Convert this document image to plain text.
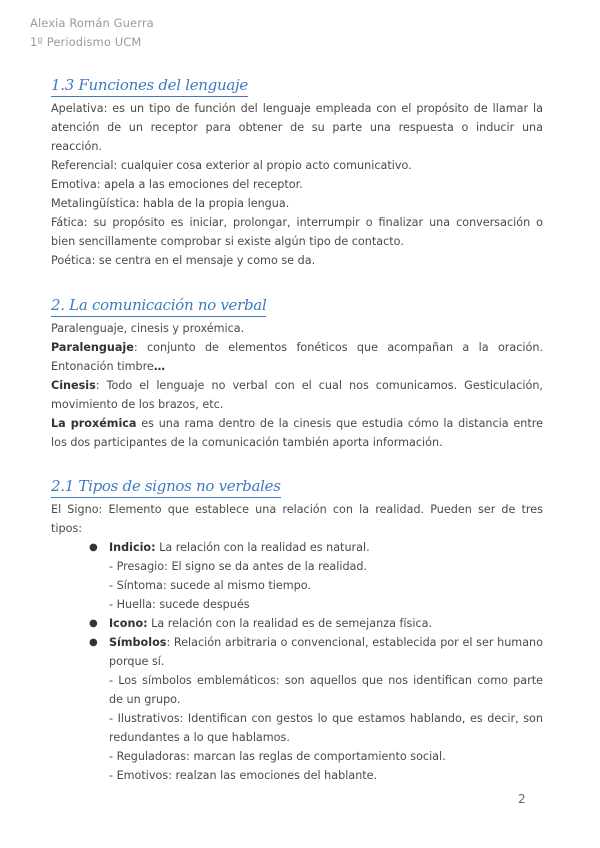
Alexia Román Guerra
1º Periodismo UCM
1.3 Funciones del lenguaje

Apelativa: es un tipo de función del lenguaje empleada con el propósito de llamar la atención de un receptor para obtener de su parte una respuesta o inducir una reacción.

Referencial: cualquier cosa exterior al propio acto comunicativo.

Emotiva: apela a las emociones del receptor.

Metalingüística: habla de la propia lengua.

Fática: su propósito es iniciar, prolongar, interrumpir o finalizar una conversación o bien sencillamente comprobar si existe algún tipo de contacto.

Poética: se centra en el mensaje y como se da.

2. La comunicación no verbal

Paralenguaje, cinesis y proxémica.

Paralenguaje: conjunto de elementos fonéticos que acompañan a la oración. Entonación timbre…

Cinesis: Todo el lenguaje no verbal con el cual nos comunicamos. Gesticulación, movimiento de los brazos, etc.

La proxémica es una rama dentro de la cinesis que estudia cómo la distancia entre los dos participantes de la comunicación también aporta información.

2.1 Tipos de signos no verbales

El Signo: Elemento que establece una relación con la realidad. Pueden ser de tres tipos:

● Indicio: La relación con la realidad es natural.
- Presagio: El signo se da antes de la realidad.
- Síntoma: sucede al mismo tiempo.
- Huella: sucede después
● Icono: La relación con la realidad es de semejanza física.
● Símbolos: Relación arbitraria o convencional, establecida por el ser humano porque sí.
- Los símbolos emblemáticos: son aquellos que nos identifican como parte de un grupo.
- Ilustrativos: Identifican con gestos lo que estamos hablando, es decir, son redundantes a lo que hablamos.
- Reguladoras: marcan las reglas de comportamiento social.
- Emotivos: realzan las emociones del hablante.
2
